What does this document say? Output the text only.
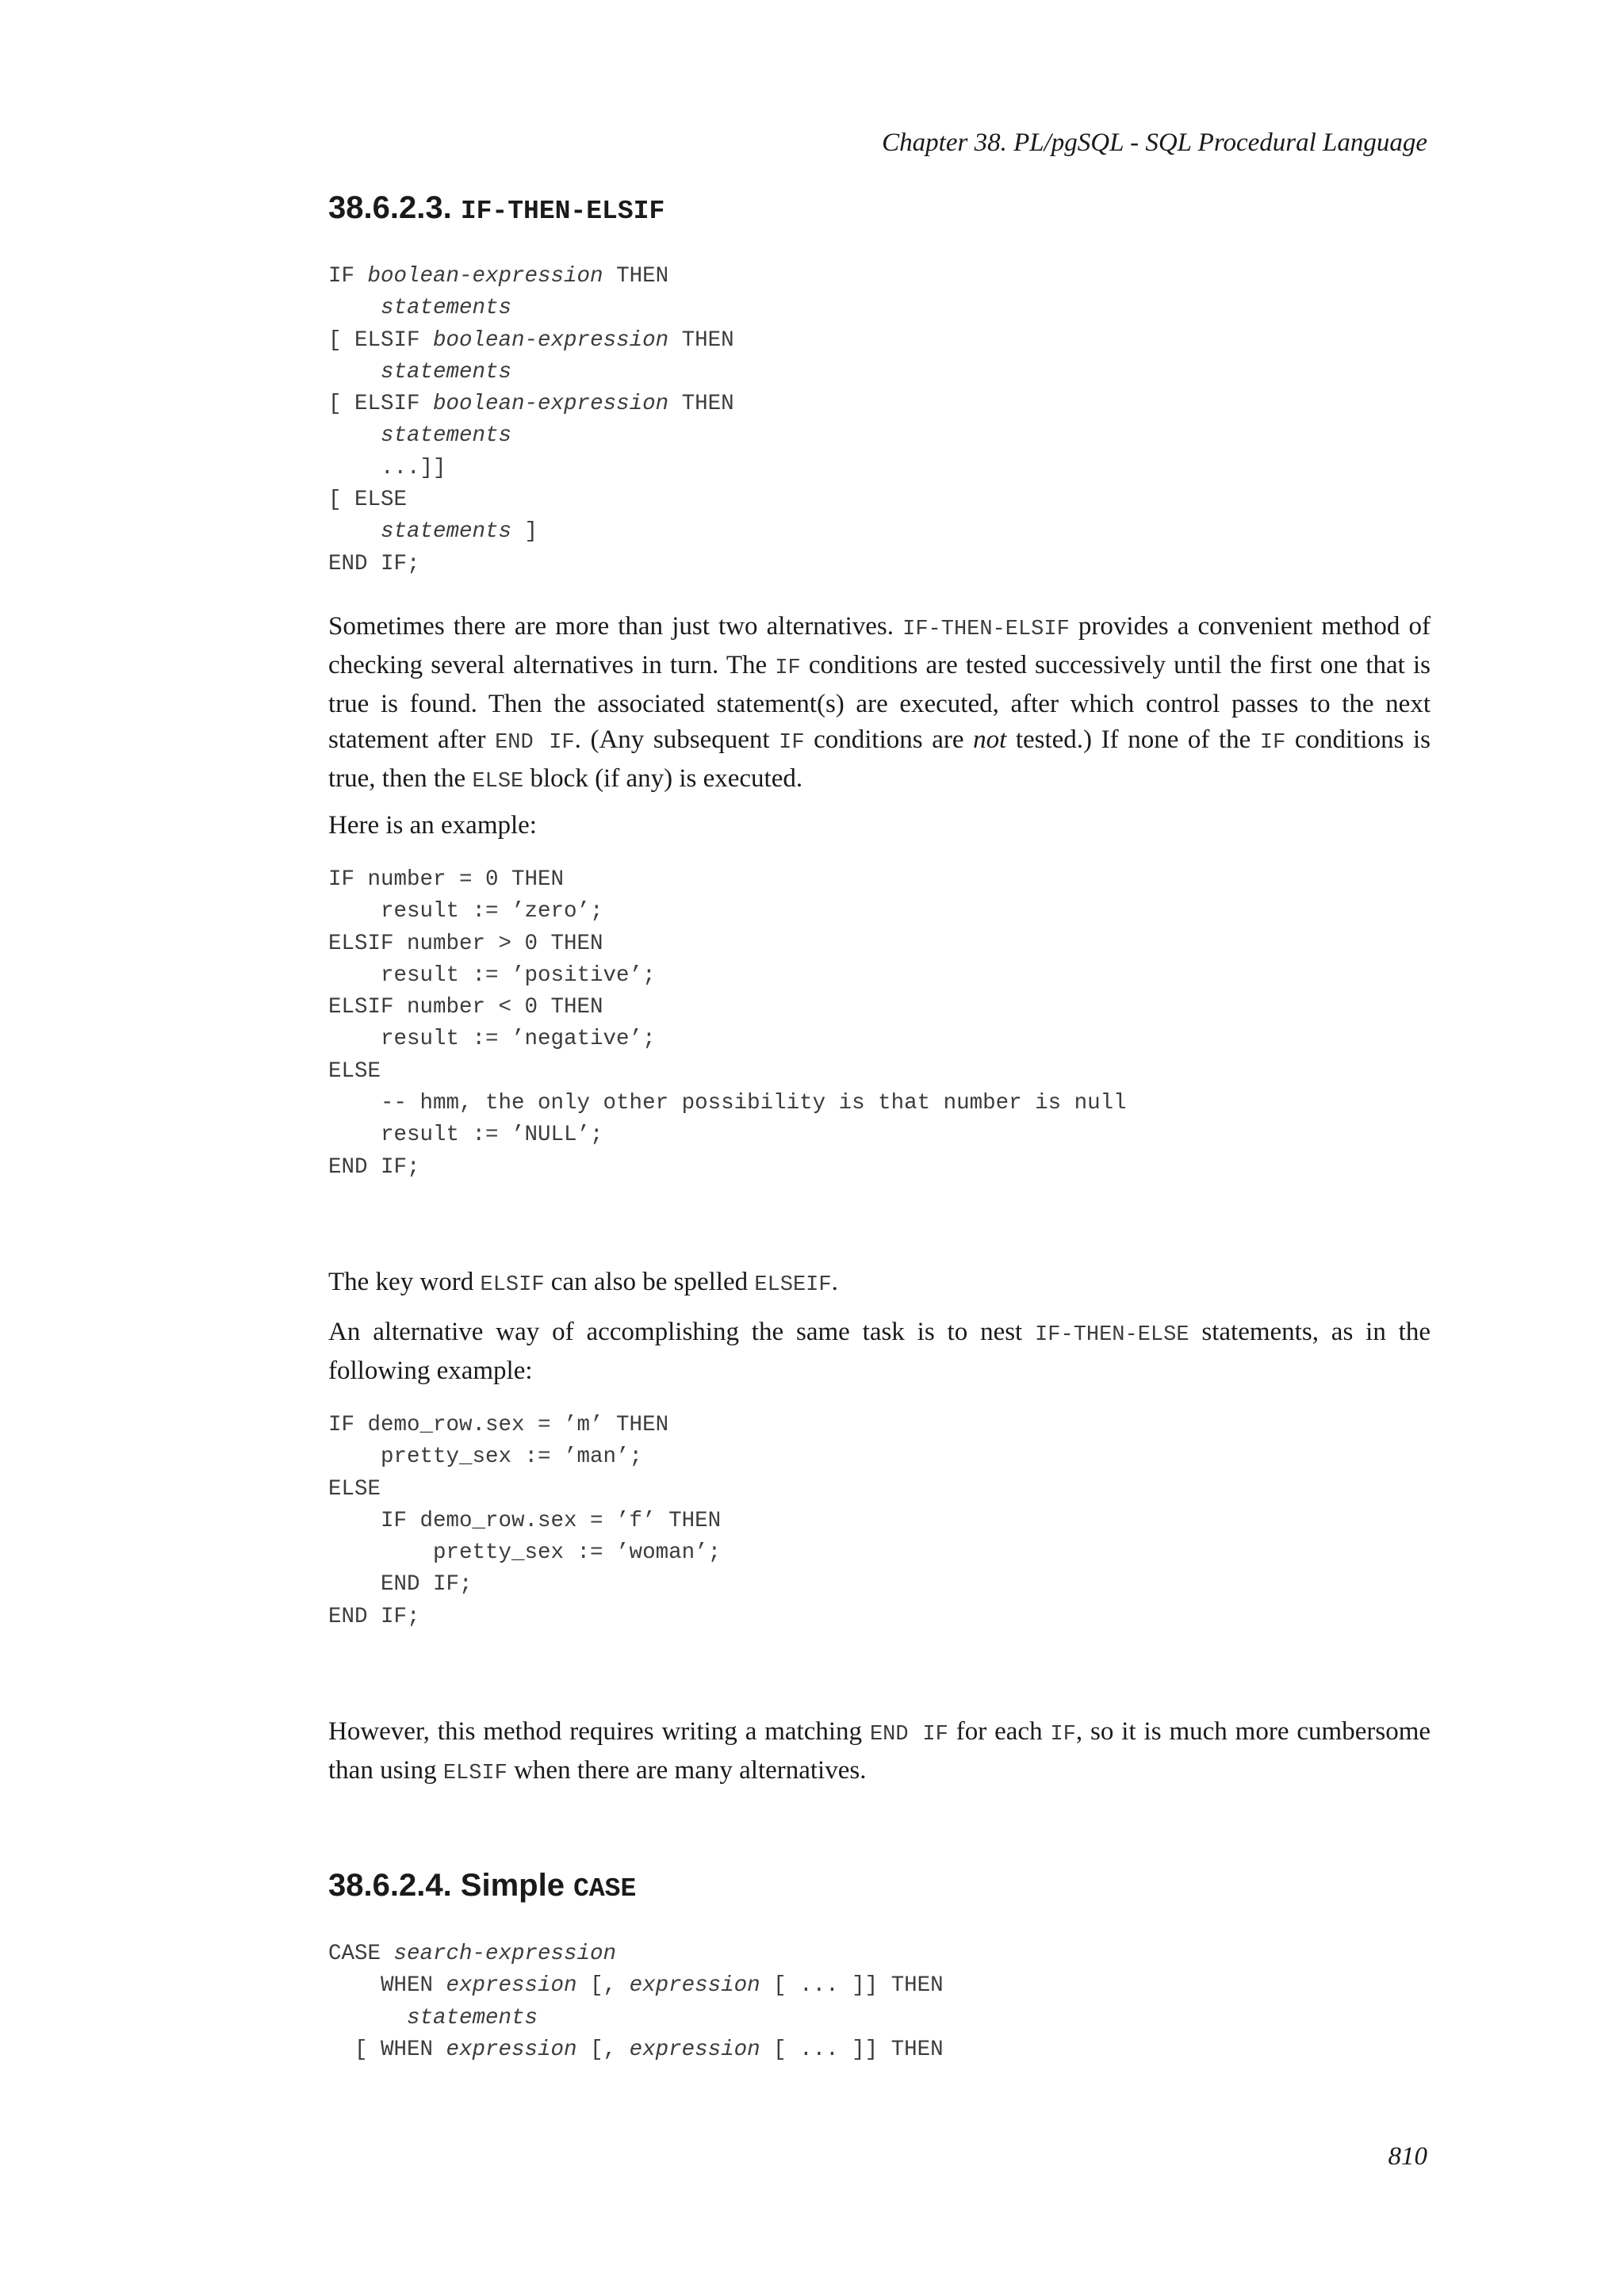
Chapter 38. PL/pgSQL - SQL Procedural Language
38.6.2.3. IF-THEN-ELSIF
IF boolean-expression THEN
statements
[ ELSIF boolean-expression THEN
statements
[ ELSIF boolean-expression THEN
statements
...]]
[ ELSE
statements ]
END IF;

Sometimes there are more than just two alternatives. IF-THEN-ELSIF provides a convenient method of checking several alternatives in turn. The IF conditions are tested successively until the first one that is true is found. Then the associated statement(s) are executed, after which control passes to the next statement after END IF. (Any subsequent IF conditions are not tested.) If none of the IF conditions is true, then the ELSE block (if any) is executed.

Here is an example:

IF number = 0 THEN
result := ’zero’;
ELSIF number > 0 THEN
result := ’positive’;
ELSIF number < 0 THEN
result := ’negative’;
ELSE
-- hmm, the only other possibility is that number is null
result := ’NULL’;
END IF;

The key word ELSIF can also be spelled ELSEIF.

An alternative way of accomplishing the same task is to nest IF-THEN-ELSE statements, as in the following example:

IF demo_row.sex = ’m’ THEN
pretty_sex := ’man’;
ELSE
IF demo_row.sex = ’f’ THEN
pretty_sex := ’woman’;
END IF;
END IF;

However, this method requires writing a matching END IF for each IF, so it is much more cumbersome than using ELSIF when there are many alternatives.

38.6.2.4. Simple CASE
CASE search-expression
WHEN expression [, expression [ ... ]] THEN
statements
[ WHEN expression [, expression [ ... ]] THEN
810
